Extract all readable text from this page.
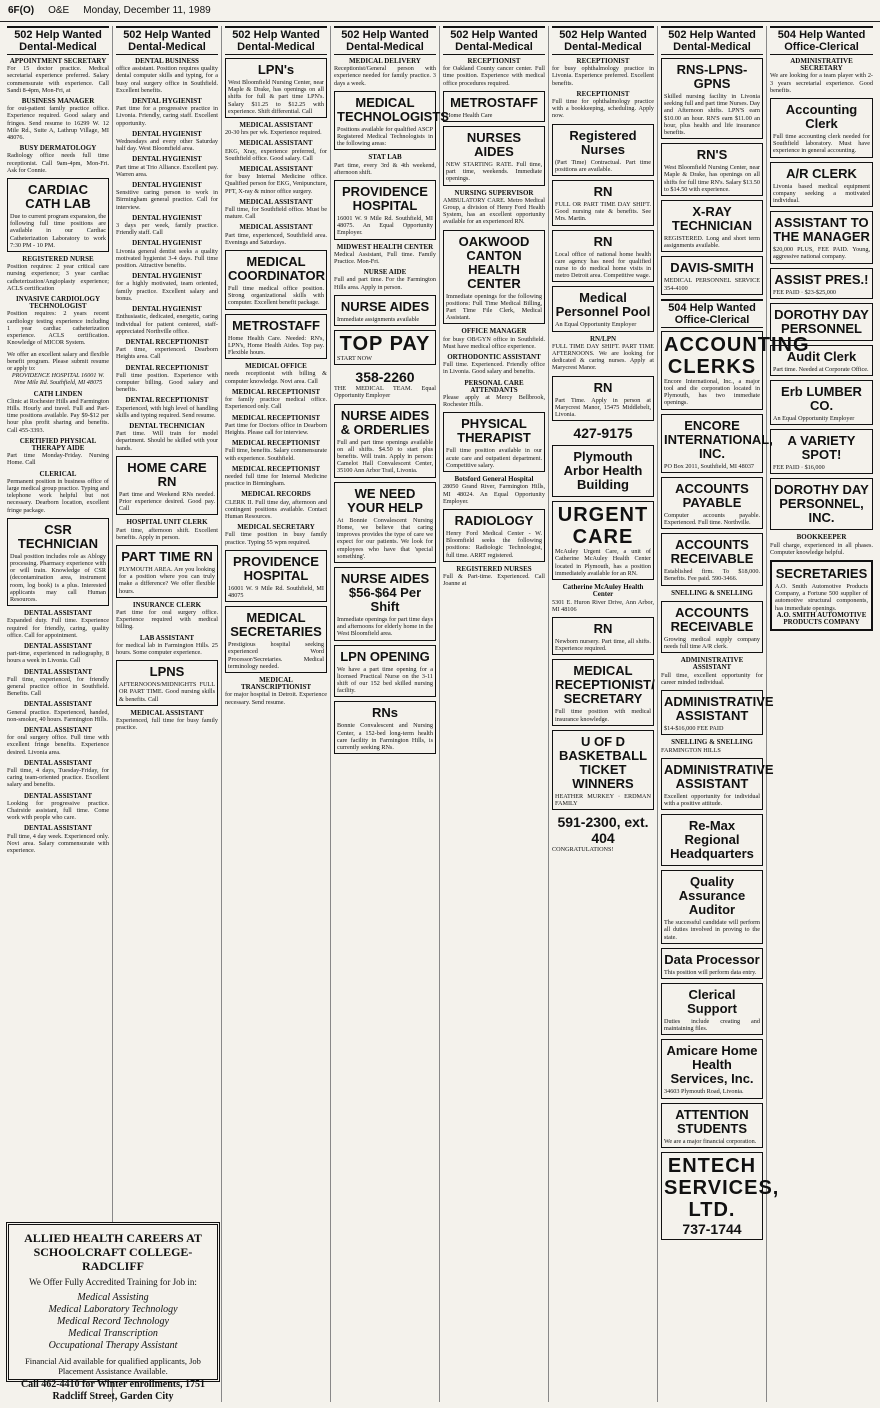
6F(O) O&E Monday, December 11, 1989
502 Help Wanted
Dental-Medical
APPOINTMENT SECRETARY
For 15 doctor practice. Medical secretarial experience preferred. Salary commensurate with experience. Call Sandi 8-4pm, Mon-Fri, at
BUSINESS MANAGER
for out-patient family practice office. Experience required. Good salary and fringes. Send resume to 16299 W. 12 Mile Rd., Suite A, Lathrup Village, MI 48076.
BUSY DERMATOLOGY
Radiology office needs full time receptionist. Call 9am-4pm, Mon-Fri. Ask for Connie.
CARDIAC CATH LAB
Due to current program expansion, the following full time positions are available in our Cardiac Catheterization Laboratory to work 7:30 PM - 10 PM.
REGISTERED NURSE
Position requires: 2 year critical care nursing experience; 3 year cardiac catheterization/Angioplasty experience; ACLS certification
INVASIVE CARDIOLOGY TECHNOLOGIST
Position requires: 2 years recent cardiology testing experience including 1 year cardiac catheterization experience. ACLS certification. Knowledge of MICOR System.
We offer an excellent salary and flexible benefit program. Please submit resume or apply to:
PROVIDENCE HOSPITAL 16001 W. Nine Mile Rd. Southfield, MI 48075
CATH LINDEN
Clinic at Rochester Hills and Farmington Hills. Hourly and travel. Full and Part-time positions available. Pay $9-$12 per hour plus profit sharing and benefits. Call 455-3393.
CERTIFIED PHYSICAL THERAPY AIDE
Part time Monday-Friday. Nursing Home. Call
CLERICAL
Permanent position in business office of large medical group practice. Typing and telephone work helpful but not necessary. Dearborn location, excellent fringe package.
CSR TECHNICIAN
Dual position includes role as Ablogy processing. Pharmacy experience with or will train. Knowledge of CSR (decontamination area, instrument room, log book) is a plus. Interested applicants may call Human Resources.
DENTAL ASSISTANT
Expanded duty. Full time. Experience required for friendly, caring, quality office. Call for appointment.
DENTAL ASSISTANT
part-time, experienced in radiography, 8 hours a week in Livonia. Call
DENTAL ASSISTANT
Full time, experienced, for friendly general practice office in Southfield. Benefits. Call
DENTAL ASSISTANT
General practice. Experienced, handed, non-smoker, 40 hours. Farmington Hills.
DENTAL ASSISTANT
for oral surgery office. Full time with excellent fringe benefits. Experience desired. Livonia area.
DENTAL ASSISTANT
Full time, 4 days, Tuesday-Friday, for caring team-oriented practice. Excellent salary and benefits.
DENTAL ASSISTANT
Looking for progressive practice. Chairside assistant, full time. Come work with people who care.
DENTAL ASSISTANT
Full time, 4 day week. Experienced only. Novi area. Salary commensurate with experience.
502 Help Wanted
Dental-Medical
DENTAL BUSINESS
office assistant. Position requires quality dental computer skills and typing, for a busy oral surgery office in Southfield. Excellent benefits.
DENTAL HYGIENIST
Part time for a progressive practice in Livonia. Friendly, caring staff. Excellent opportunity.
DENTAL HYGIENIST
Wednesdays and every other Saturday half day. West Bloomfield area.
DENTAL HYGIENIST
Part time at Trio Alliance. Excellent pay. Warren area.
DENTAL HYGIENIST
Sensitive caring person to work in Birmingham general practice. Call for interview.
DENTAL HYGIENIST
3 days per week, family practice. Friendly staff. Call
DENTAL HYGIENIST
Livonia general dentist seeks a quality motivated hygienist 3-4 days. Full time position. Attractive benefits.
DENTAL HYGIENIST
for a highly motivated, team oriented, family practice. Excellent salary and bonus.
DENTAL HYGIENIST
Enthusiastic, dedicated, energetic, caring individual for patient centered, staff-appreciated Northville office.
DENTAL RECEPTIONIST
Part time, experienced. Dearborn Heights area. Call
DENTAL RECEPTIONIST
Full time position. Experience with computer billing. Good salary and benefits.
DENTAL RECEPTIONIST
Experienced, with high level of handling skills and typing required. Send resume.
DENTAL TECHNICIAN
Part time. Will train for model department. Should be skilled with your hands.
HOME CARE RN
Part time and Weekend RNs needed. Prior experience desired. Good pay. Call
HOSPITAL UNIT CLERK
Part time, afternoon shift. Excellent benefits. Apply in person.
PART TIME RN
PLYMOUTH AREA. Are you looking for a position where you can truly make a difference? We offer flexible hours.
INSURANCE CLERK
Part time for oral surgery office. Experience required with medical billing.
LAB ASSISTANT
for medical lab in Farmington Hills. 25 hours. Some computer experience.
LPNS
AFTERNOONS/MIDNIGHTS FULL OR PART TIME. Good nursing skills & benefits. Call
MEDICAL ASSISTANT
Experienced, full time for busy family practice.
502 Help Wanted
Dental-Medical
LPN's
West Bloomfield Nursing Center, near Maple & Drake, has openings on all shifts for full & part time LPN's. Salary $11.25 to $12.25 with experience. Shift differential. Call
MEDICAL ASSISTANT
20-30 hrs per wk. Experience required.
MEDICAL ASSISTANT
EKG, Xray, experience preferred, for Southfield office. Good salary. Call
MEDICAL ASSISTANT
for busy Internal Medicine office. Qualified person for EKG, Venipuncture, PFT, X-ray & minor office surgery.
MEDICAL ASSISTANT
Full time, for Southfield office. Must be mature. Call
MEDICAL ASSISTANT
Part time, experienced, Southfield area. Evenings and Saturdays.
MEDICAL COORDINATOR
Full time medical office position. Strong organizational skills with computer. Excellent benefit package.
METROSTAFF
Home Health Care. Needed: RN's, LPN's, Home Health Aides. Top pay. Flexible hours.
MEDICAL OFFICE
needs receptionist with billing & computer knowledge. Novi area. Call
MEDICAL RECEPTIONIST
for family practice medical office. Experienced only. Call
MEDICAL RECEPTIONIST
Part time for Doctors office in Dearborn Heights. Please call for interview.
MEDICAL RECEPTIONIST
Full time, benefits. Salary commensurate with experience. Southfield.
MEDICAL RECEPTIONIST
needed full time for Internal Medicine practice in Birmingham.
MEDICAL RECORDS
CLERK II. Full time day, afternoon and contingent positions available. Contact Human Resources.
MEDICAL SECRETARY
Full time position in busy family practice. Typing 55 wpm required.
PROVIDENCE HOSPITAL
16001 W. 9 Mile Rd. Southfield, MI 48075
MEDICAL SECRETARIES
Prestigious hospital seeking experienced Word Processor/Secretaries. Medical terminology needed.
MEDICAL TRANSCRIPTIONIST
for major hospital in Detroit. Experience necessary. Send resume.
502 Help Wanted
Dental-Medical
MEDICAL DELIVERY
Receptionist/General person with experience needed for family practice. 3 days a week.
MEDICAL TECHNOLOGISTS
Positions available for qualified ASCP Registered Medical Technologists in the following areas:
STAT LAB
Part time, every 3rd & 4th weekend, afternoon shift.
PROVIDENCE HOSPITAL
16001 W. 9 Mile Rd. Southfield, MI 48075. An Equal Opportunity Employer.
MIDWEST HEALTH CENTER
Medical Assistant, Full time. Family Practice. Mon-Fri.
NURSE AIDE
Full and part time. For the Farmington Hills area. Apply in person.
NURSE AIDES
Immediate assignments available
TOP PAY
START NOW
358-2260
THE MEDICAL TEAM. Equal Opportunity Employer
NURSE AIDES & ORDERLIES
Full and part time openings available on all shifts. $4.50 to start plus benefits. Will train. Apply in person: Camelot Hall Convalescent Center, 35100 Ann Arbor Trail, Livonia.
WE NEED YOUR HELP
At Bonnie Convalescent Nursing Home, we believe that caring improves provides the type of care we expect for our patients. We look for employees who have that 'special something'.
NURSE AIDES $56-$64 Per Shift
Immediate openings for part time days and afternoons for elderly home in the West Bloomfield area.
LPN OPENING
We have a part time opening for a licensed Practical Nurse on the 3-11 shift of our 152 bed skilled nursing facility.
RNs
Bonnie Convalescent and Nursing Center, a 152-bed long-term health care facility in Farmington Hills, is currently seeking RNs.
502 Help Wanted
Dental-Medical
RECEPTIONIST
for Oakland County cancer center. Full time position. Experience with medical office procedures required.
METROSTAFF
Home Health Care
NURSES AIDES
NEW STARTING RATE. Full time, part time, weekends. Immediate openings.
NURSING SUPERVISOR
AMBULATORY CARE. Metro Medical Group, a division of Henry Ford Health System, has an excellent opportunity available for an experienced RN.
OAKWOOD CANTON HEALTH CENTER
Immediate openings for the following positions: Full Time Medical Billing, Part Time File Clerk, Medical Assistant.
OFFICE MANAGER
for busy OB/GYN office in Southfield. Must have medical office experience.
ORTHODONTIC ASSISTANT
Full time. Experienced. Friendly office in Livonia. Good salary and benefits.
PERSONAL CARE ATTENDANTS
Please apply at Mercy Bellbrook, Rochester Hills.
PHYSICAL THERAPIST
Full time position available in our acute care and outpatient department. Competitive salary.
Botsford General Hospital
28050 Grand River, Farmington Hills, MI 48024. An Equal Opportunity Employer.
RADIOLOGY
Henry Ford Medical Center - W. Bloomfield seeks the following positions: Radiologic Technologist, full time. ARRT registered.
REGISTERED NURSES
Full & Part-time. Experienced. Call Joanne at
502 Help Wanted
Dental-Medical
RECEPTIONIST
for busy ophthalmology practice in Livonia. Experience preferred. Excellent benefits.
RECEPTIONIST
Full time for ophthalmology practice with a bookkeeping, scheduling. Apply now.
Registered Nurses
(Part Time) Contractual. Part time positions are available.
RN
FULL OR PART TIME DAY SHIFT. Good nursing rate & benefits. See Mrs. Martin.
RN
Local office of national home health care agency has need for qualified nurse to do medical home visits in metro Detroit area. Competitive wage.
Medical Personnel Pool
An Equal Opportunity Employer
RN/LPN
FULL TIME DAY SHIFT. PART TIME AFTERNOONS. We are looking for dedicated & caring nurses. Apply at Marycrest Manor.
RN
Part Time. Apply in person at Marycrest Manor, 15475 Middlebelt, Livonia.
427-9175
Plymouth Arbor Health Building
URGENT CARE
McAuley Urgent Care, a unit of Catherine McAuley Health Center located in Plymouth, has a position immediately available for an RN.
Catherine McAuley Health Center
5301 E. Huron River Drive, Ann Arbor, MI 48106
RN
Newborn nursery. Part time, all shifts. Experience required.
MEDICAL RECEPTIONIST/ SECRETARY
Full time position with medical insurance knowledge.
U OF D BASKETBALL TICKET WINNERS
HEATHER MURKEY · ERDMAN FAMILY
591-2300, ext. 404
CONGRATULATIONS!
502 Help Wanted
Dental-Medical
RNS-LPNS-GPNS
Skilled nursing facility in Livonia seeking full and part time Nurses. Day and Afternoon shifts. LPN'S earn $10.00 an hour. RN'S earn $11.00 an hour, plus health and life insurance benefits.
RN'S
West Bloomfield Nursing Center, near Maple & Drake, has openings on all shifts for full time RN's. Salary $13.50 to $14.50 with experience.
X-RAY TECHNICIAN
REGISTERED. Long and short term assignments available.
DAVIS-SMITH
MEDICAL PERSONNEL SERVICE 354-4100
504 Help Wanted
Office-Clerical
ACCOUNTING CLERKS
Encore International, Inc., a major tool and die corporation located in Plymouth, has two immediate openings.
ENCORE INTERNATIONAL, INC.
PO Box 2011, Southfield, MI 48037
ACCOUNTS PAYABLE
Computer accounts payable. Experienced. Full time. Northville.
ACCOUNTS RECEIVABLE
Established firm. To $18,000. Benefits. Fee paid. 590-3466.
SNELLING & SNELLING
ACCOUNTS RECEIVABLE
Growing medical supply company needs full time A/R clerk.
ADMINISTRATIVE ASSISTANT
Full time, excellent opportunity for career minded individual.
ADMINISTRATIVE ASSISTANT
$14-$16,000 FEE PAID
SNELLING & SNELLING
FARMINGTON HILLS
ADMINISTRATIVE ASSISTANT
Excellent opportunity for individual with a positive attitude.
Re-Max Regional Headquarters
Quality Assurance Auditor
The successful candidate will perform all duties involved in proving to the state.
Data Processor
This position will perform data entry.
Clerical Support
Duties include creating and maintaining files.
Amicare Home Health Services, Inc.
34603 Plymouth Road, Livonia.
ATTENTION STUDENTS
We are a major financial corporation.
ENTECH SERVICES, LTD.
737-1744
504 Help Wanted
Office-Clerical
ADMINISTRATIVE SECRETARY
We are looking for a team player with 2-3 years secretarial experience. Good benefits.
Accounting Clerk
Full time accounting clerk needed for Southfield laboratory. Must have experience in general accounting.
A/R CLERK
Livonia based medical equipment company seeking a motivated individual.
ASSISTANT TO THE MANAGER
$20,000 PLUS, FEE PAID. Young, aggressive national company.
ASSIST PRES.!
FEE PAID · $23-$25,000
DOROTHY DAY PERSONNEL
Audit Clerk
Part time. Needed at Corporate Office.
Erb LUMBER CO.
An Equal Opportunity Employer
A VARIETY SPOT!
FEE PAID · $16,000
DOROTHY DAY PERSONNEL, INC.
BOOKKEEPER
Full charge, experienced in all phases. Computer knowledge helpful.
SECRETARIES
A.O. Smith Automotive Products Company, a Fortune 500 supplier of automotive structural components, has immediate openings.
A.O. SMITH AUTOMOTIVE PRODUCTS COMPANY
ALLIED HEALTH CAREERS AT SCHOOLCRAFT COLLEGE-RADCLIFF
We Offer Fully Accredited Training for Job in:
Medical Assisting
Medical Laboratory Technology
Medical Record Technology
Medical Transcription
Occupational Therapy Assistant
Financial Aid available for qualified applicants, Job Placement Assistance Available.
Call 462-4410 for Winter enrollments, 1751 Radcliff Street, Garden City
